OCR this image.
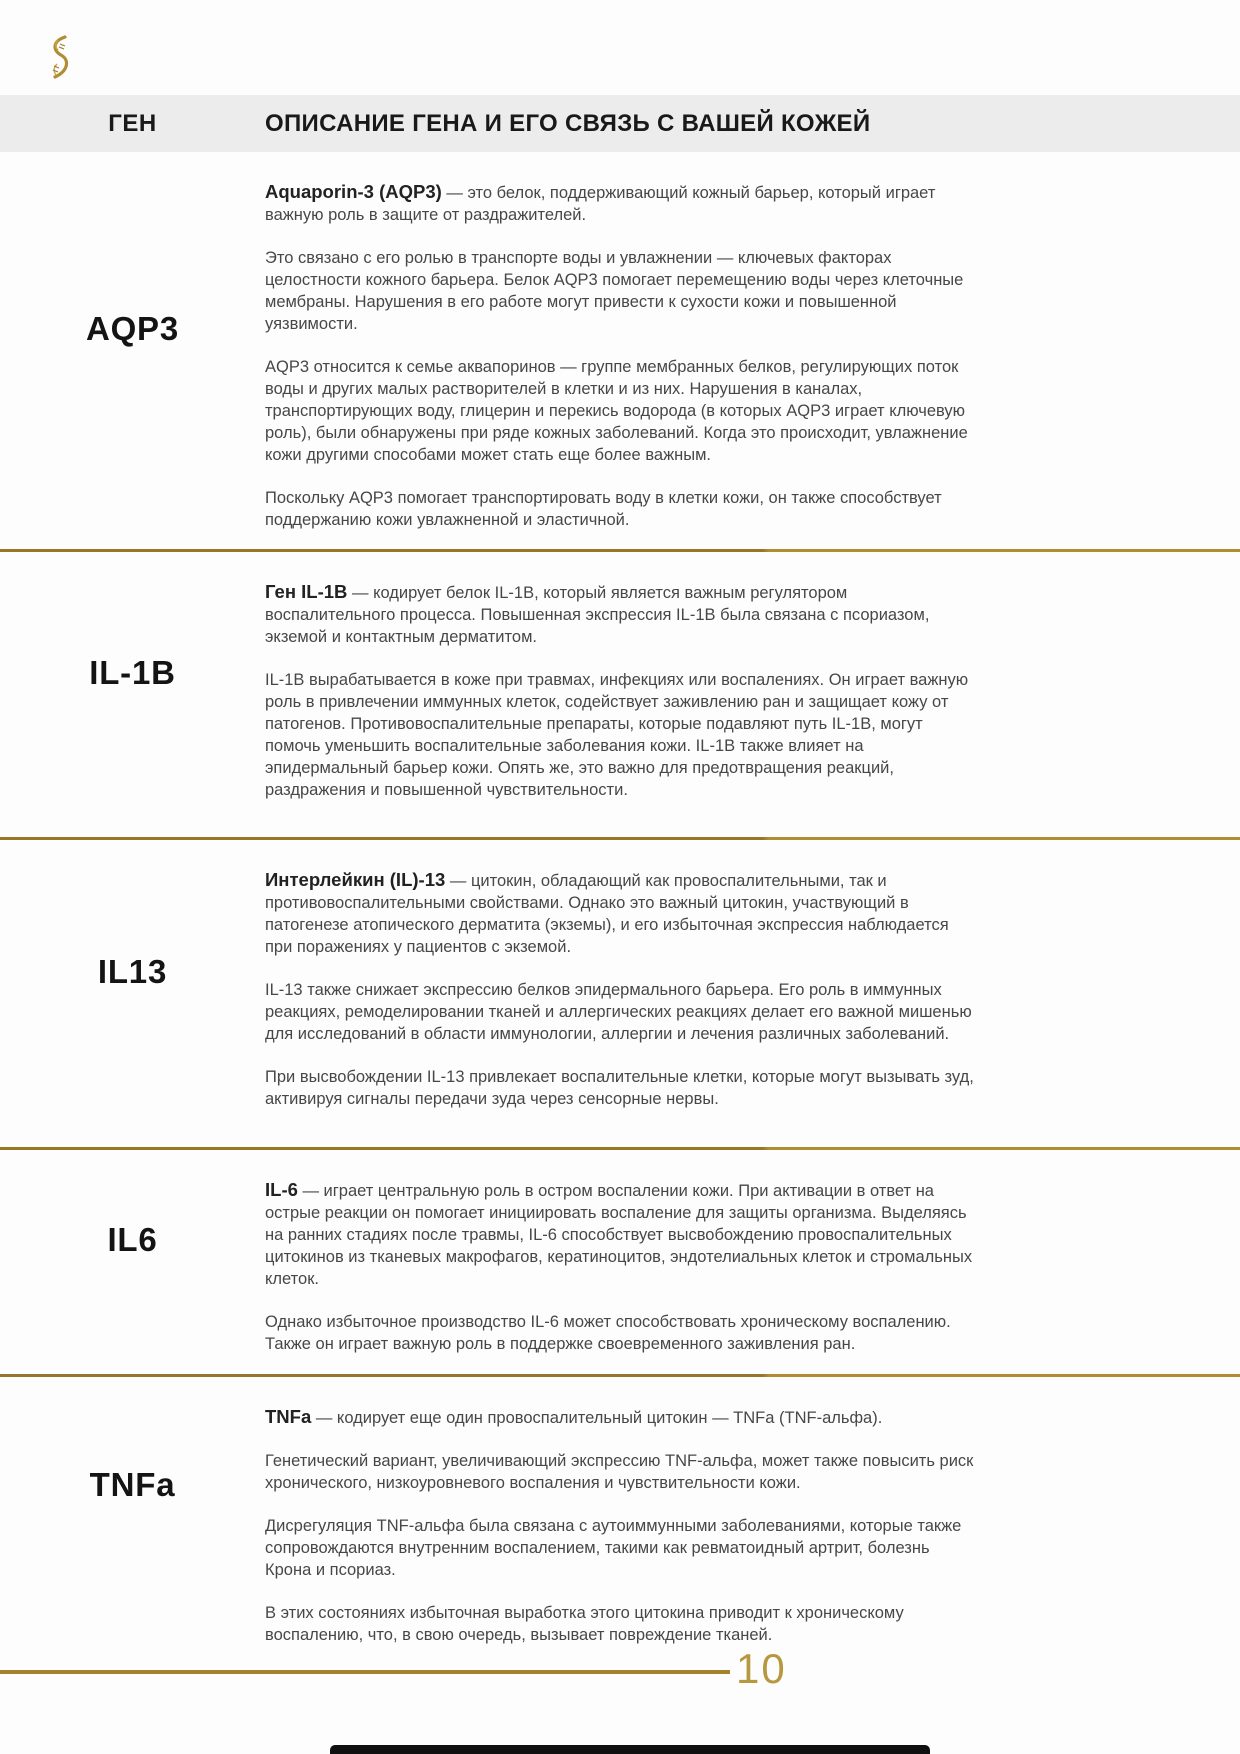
ГЕН	ОПИСАНИЕ ГЕНА И ЕГО СВЯЗЬ С ВАШЕЙ КОЖЕЙ
AQP3

Aquaporin-3 (AQP3) — это белок, поддерживающий кожный барьер, который играет важную роль в защите от раздражителей.

Это связано с его ролью в транспорте воды и увлажнении — ключевых факторах целостности кожного барьера. Белок AQP3 помогает перемещению воды через клеточные мембраны. Нарушения в его работе могут привести к сухости кожи и повышенной уязвимости.

AQP3 относится к семье аквапоринов — группе мембранных белков, регулирующих поток воды и других малых растворителей в клетки и из них. Нарушения в каналах, транспортирующих воду, глицерин и перекись водорода (в которых AQP3 играет ключевую роль), были обнаружены при ряде кожных заболеваний. Когда это происходит, увлажнение кожи другими способами может стать еще более важным.

Поскольку AQP3 помогает транспортировать воду в клетки кожи, он также способствует поддержанию кожи увлажненной и эластичной.

IL-1B

Ген IL-1B — кодирует белок IL-1B, который является важным регулятором воспалительного процесса. Повышенная экспрессия IL-1B была связана с псориазом, экземой и контактным дерматитом.

IL-1B вырабатывается в коже при травмах, инфекциях или воспалениях. Он играет важную роль в привлечении иммунных клеток, содействует заживлению ран и защищает кожу от патогенов. Противовоспалительные препараты, которые подавляют путь IL-1B, могут помочь уменьшить воспалительные заболевания кожи. IL-1B также влияет на эпидермальный барьер кожи. Опять же, это важно для предотвращения реакций, раздражения и повышенной чувствительности.

IL13

Интерлейкин (IL)-13 — цитокин, обладающий как провоспалительными, так и противовоспалительными свойствами. Однако это важный цитокин, участвующий в патогенезе атопического дерматита (экземы), и его избыточная экспрессия наблюдается при поражениях у пациентов с экземой.

IL-13 также снижает экспрессию белков эпидермального барьера. Его роль в иммунных реакциях, ремоделировании тканей и аллергических реакциях делает его важной мишенью для исследований в области иммунологии, аллергии и лечения различных заболеваний.

При высвобождении IL-13 привлекает воспалительные клетки, которые могут вызывать зуд, активируя сигналы передачи зуда через сенсорные нервы.

IL6

IL-6 — играет центральную роль в остром воспалении кожи. При активации в ответ на острые реакции он помогает инициировать воспаление для защиты организма. Выделяясь на ранних стадиях после травмы, IL-6 способствует высвобождению провоспалительных цитокинов из тканевых макрофагов, кератиноцитов, эндотелиальных клеток и стромальных клеток.

Однако избыточное производство IL-6 может способствовать хроническому воспалению. Также он играет важную роль в поддержке своевременного заживления ран.

TNFa

TNFa — кодирует еще один провоспалительный цитокин — TNFa (TNF-альфа).

Генетический вариант, увеличивающий экспрессию TNF-альфа, может также повысить риск хронического, низкоуровневого воспаления и чувствительности кожи.

Дисрегуляция TNF-альфа была связана с аутоиммунными заболеваниями, которые также сопровождаются внутренним воспалением, такими как ревматоидный артрит, болезнь Крона и псориаз.

В этих состояниях избыточная выработка этого цитокина приводит к хроническому воспалению, что, в свою очередь, вызывает повреждение тканей.

10
